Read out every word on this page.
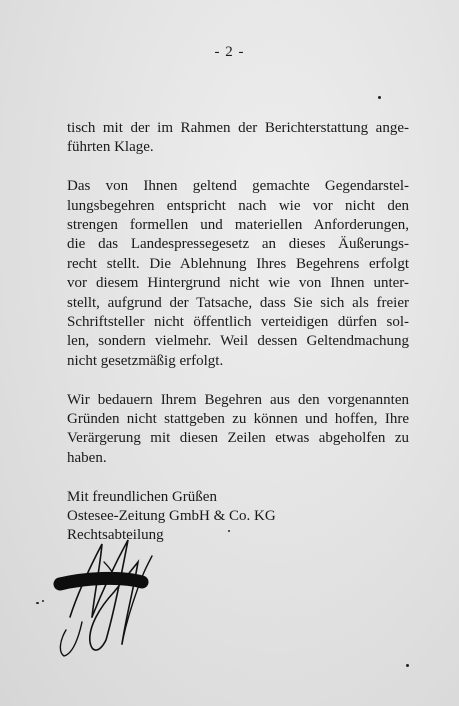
- 2 -

tisch mit der im Rahmen der Berichterstattung ange-
führten Klage.

Das von Ihnen geltend gemachte Gegendarstel-
lungsbegehren entspricht nach wie vor nicht den
strengen formellen und materiellen Anforderungen,
die das Landespressegesetz an dieses Äußerungs-
recht stellt. Die Ablehnung Ihres Begehrens erfolgt
vor diesem Hintergrund nicht wie von Ihnen unter-
stellt, aufgrund der Tatsache, dass Sie sich als freier
Schriftsteller nicht öffentlich verteidigen dürfen sol-
len, sondern vielmehr. Weil dessen Geltendmachung
nicht gesetzmäßig erfolgt.

Wir bedauern Ihrem Begehren aus den vorgenannten
Gründen nicht stattgeben zu können und hoffen, Ihre
Verärgerung mit diesen Zeilen etwas abgeholfen zu
haben.

Mit freundlichen Grüßen
Ostesee-Zeitung GmbH & Co. KG
Rechtsabteilung
